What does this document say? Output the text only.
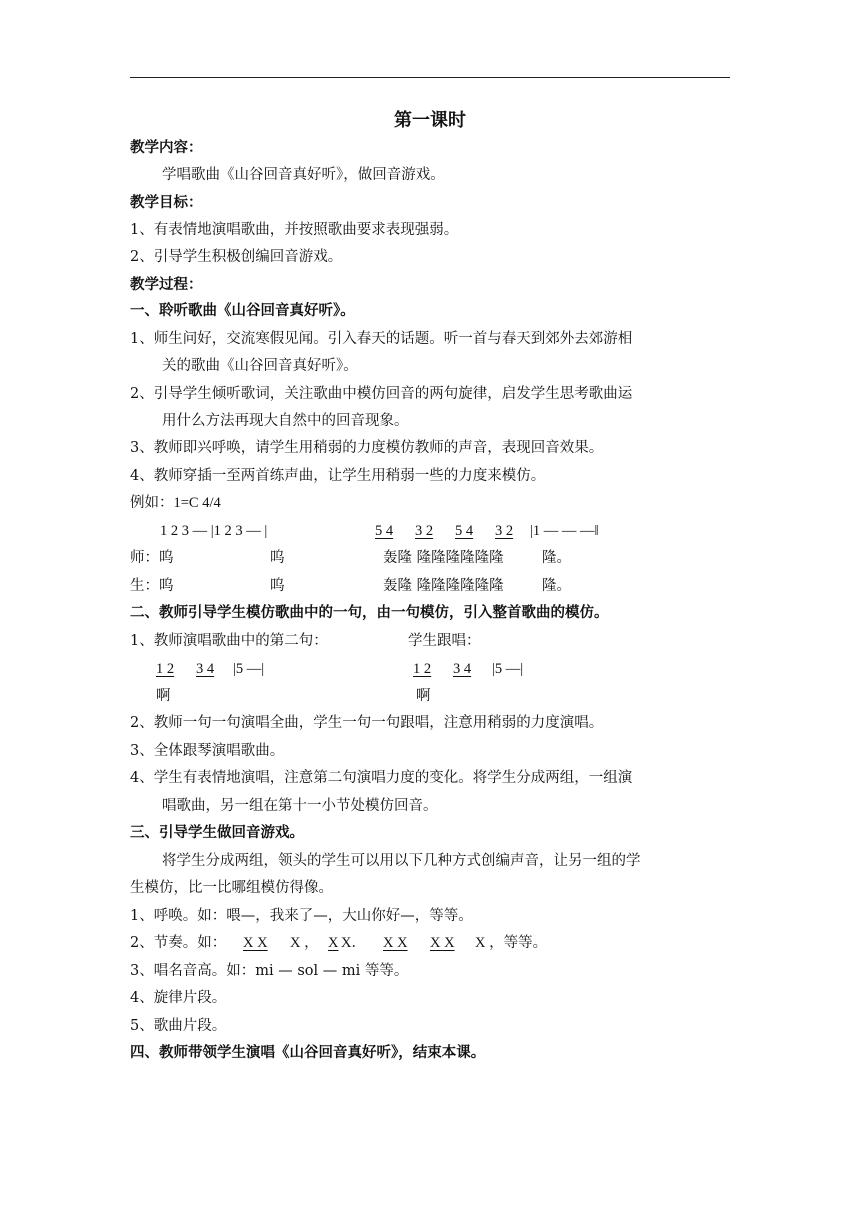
第一课时
教学内容：
学唱歌曲《山谷回音真好听》，做回音游戏。
教学目标：
1、有表情地演唱歌曲，并按照歌曲要求表现强弱。
2、引导学生积极创编回音游戏。
教学过程：
一、聆听歌曲《山谷回音真好听》。
1、师生问好，交流寒假见闻。引入春天的话题。听一首与春天到郊外去郊游相
关的歌曲《山谷回音真好听》。
2、引导学生倾听歌词，关注歌曲中模仿回音的两句旋律，启发学生思考歌曲运
用什么方法再现大自然中的回音现象。
3、教师即兴呼唤，请学生用稍弱的力度模仿教师的声音，表现回音效果。
4、教师穿插一至两首练声曲，让学生用稍弱一些的力度来模仿。
例如：1=C 4/4
1 2 3 — |1 2 3 — |	5 4 3 2 5 4 3 2 |1 — — —‖
师：呜	呜	轰隆 隆隆隆隆隆隆	隆。
生：呜	呜	轰隆 隆隆隆隆隆隆	隆。
二、教师引导学生模仿歌曲中的一句，由一句模仿，引入整首歌曲的模仿。
1、教师演唱歌曲中的第二句：	学生跟唱：
1 2 3 4 |5 —|	1 2 3 4 |5 —|
啊	啊
2、教师一句一句演唱全曲，学生一句一句跟唱，注意用稍弱的力度演唱。
3、全体跟琴演唱歌曲。
4、学生有表情地演唱，注意第二句演唱力度的变化。将学生分成两组，一组演
唱歌曲，另一组在第十一小节处模仿回音。
三、引导学生做回音游戏。
将学生分成两组，领头的学生可以用以下几种方式创编声音，让另一组的学
生模仿，比一比哪组模仿得像。
1、呼唤。如：喂—，我来了—，大山你好—，等等。
2、节奏。如： X X X ， X X． X X X X X ，等等。
3、唱名音高。如：mi — sol — mi 等等。
4、旋律片段。
5、歌曲片段。
四、教师带领学生演唱《山谷回音真好听》，结束本课。
